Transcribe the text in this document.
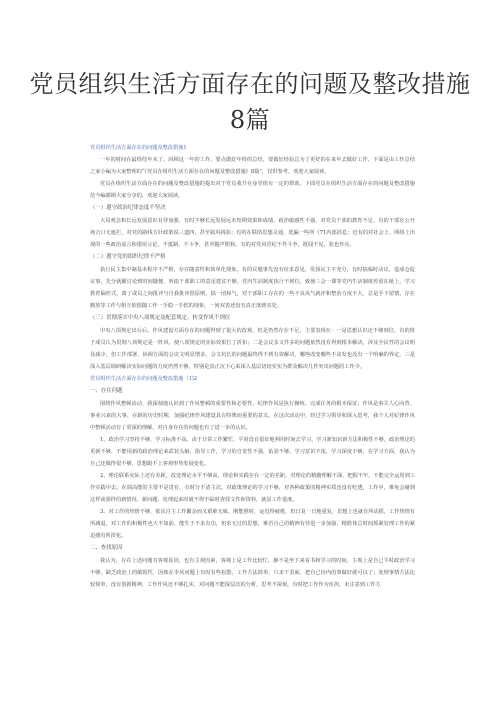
党员组织生活方面存在的问题及整改措施
8篇

党员组织生活方面存在的问题及整改措施1

一年的时间在最终结年末了，回顾这一年的工作，要点做好年终的总结，要做好经验总为了更好的在来年去做好工作。下面是由工作总结之家小编为大家整理的“《党员在组织生活方面存在的问题及整改措施》8篇”，仅供参考，欢迎大家阅读。

党员在组织生活方面存在的问题及整改措施的提出对于党员我升在身党组有一定的帮助。下面党员在组织生活方面存在的问题及整改措施范今编都期大家分享的，欢迎大家阅读。

（一）遵守政治纪律态度不坚决

大局观念和长远发展意识有待加强，有时不够长远发展远未短期效果和成绩，政治敏感性不强，对党员干部的教育不足，有的干部在公开场合口无遮拦，对党的路线方针政策说三道四，甚至搞风挑影；有的在联络思想灵通，选漏一些所《71内部消息；近有的对社会上、网络上出现的一些政治谣言和错误言论，不抵制、不斗争，甚至随声附和。有的对党风党纪不作斗争，既闻不见，装也作亮。

（二）遵守党的组织纪律不严格

执行民主集中制基本程序不严格，存在随意性和简单化现象。有的议题事先没有征求意见，发扬民主不充分，有时搞临时动议。造成仓促议事，先分就酿讨论到时间随便，听取干部职工的意见建议不够。党内生活制度执行不到位，致使三会一课等党内生活制度停留在纸上，学习教育偏形式，离了或员之间批评与自我批评很原则，搞一团和气，对干部职工存在的一些不良风气就评和整治力度不大，总是手下留情，存在搬放等工作与相互依俱随工作一手稳一手软的现象，一间双表还没有真正落到实处。

（三）贯彻落实中央八项规定及配套规定、转变作风不到位

中央八项规定出台后，作风建设方面存在的问题得到了很大的改观，但是仍然存在不足，主要表现在：一是思想认识还不够到位，有的班子成员认为贯彻八项规定是一阵风，使八项规定的实际效果打了折扣；二是会议多文件多的问题依然没有得到根本解决，涉及全民性的会议明显减少，但工作部署、协调方面的会议文明显增多，会文坑长的问题最终得不到有效解决，哪些改变哪些不该发也没有一个明确的界定。三是深入基层调研解决实际问题的力度仍然不够，特别是真正沉下心来深入基层切切实实为群众解决几件突出问题的工作少。

党员组织生活方面存在的问题及整改措施（1)2

一、存在问题

围绕作风整顿活动，我深刻地认识到了作风整顿的重要性和必要性，纪律作风是执行操练、完成任务的根本保证；作风是事关人心向背、事业兴衰的大事。在新的历史时期，加强纪律作风建设具有特殊而重要的意义。在这次活动中，经过学习领导和深入思考，我个人对纪律作风中整顿活动有了更深的理解，对自身存在的问题也有了进一步的认识。

1、政治学习坚持不够，学习标准不高。由于日常工作繁忙，平时没有很好地利用时间去学习，学习新知识新方法积极性不够，政治理论的更新不够，不能用新的政治理论来武装头脑，指导工作，学习的自觉性不强，钻劲不够，学习意识不浓，学习深度不够，在学习方面，我认为自己还做得很不够，思想跟不上客观形势发展变化。

2、理论联系实际上还有差距，改变理论水平不够高，理论和实践存在一定的差距，对理论的精髓理解不深，把握不牢，不能完全运用到工作实践中去。在调高能的主要不是贯有，有时分不清主次，对政策理论的学习不够，对各种政策的精神实质还没有吃透，工作中，难免会碰到这样或那样的新情况、新问题，处理起来时就不得不临时查找文件和资料，就显工作进度。

3、对工作的热情不够，依民自主工作繁杂而又艰难无味，刚能胜时，运觉得疲倦，但日复一日地重复，思想上也就有所动摇，工作热情有所减退，对工作的积极性也大不如前，能生于不求有功，但求无过的思想，难否自己的精神有待进一步加强，精胜体总时间抓紧处理工作的紧迫感有所淡化。

二、查找原因

我认为，存在上述问题有客观原因，也有主观因素，客观上是工作比较忙，静不是坐下来看书和学习的时间，主观上是自己平时政治学习不够，缺乏政治上的敏锐性，因致在李风问题上有时有些松散，工作方法简单，只求干表面，把自己份内的事做好就可以了；处理事情方法比较简单，没有创新精神，工作作风还不够扎实，对问题不能深层次的分析，思考不深刻，有时把工作作为负担，未注意到工作方
